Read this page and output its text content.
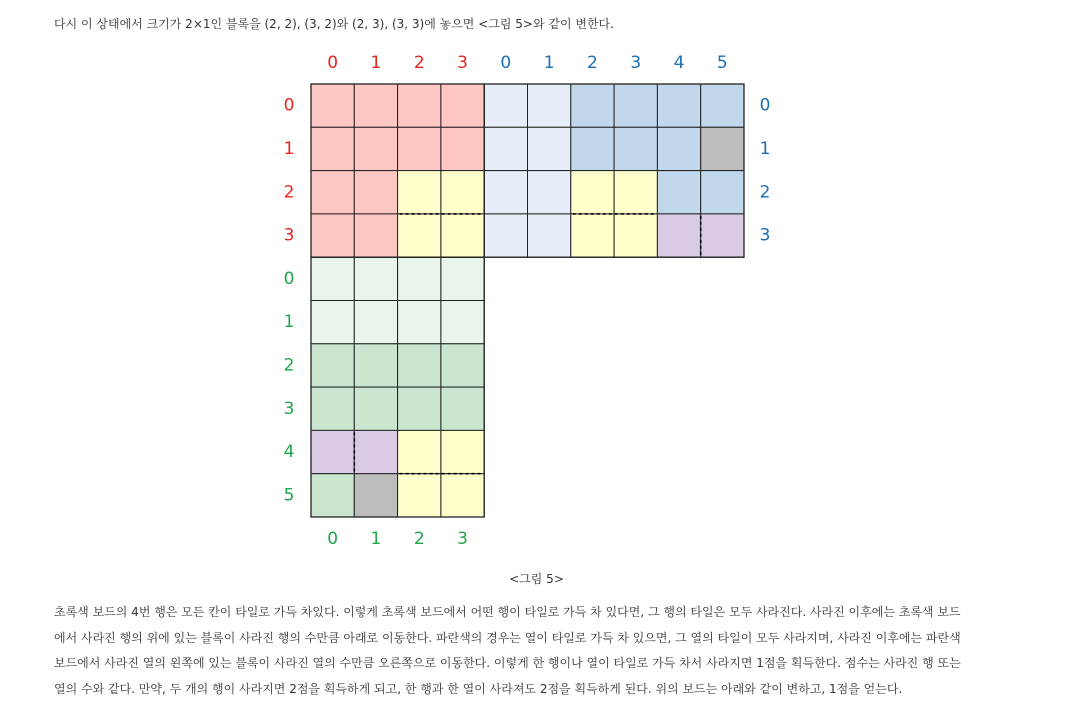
다시 이 상태에서 크기가 2×1인 블록을 (2, 2), (3, 2)와 (2, 3), (3, 3)에 놓으면 <그림 5>와 같이 변한다.
0 1 2 3 0 1 2 3 4 5
0
1
2
3
0
1
2
3
0
1
2
3
4
5
0 1 2 3
<그림 5>

초록색 보드의 4번 행은 모든 칸이 타일로 가득 차있다. 이렇게 초록색 보드에서 어떤 행이 타일로 가득 차 있다면, 그 행의 타일은 모두 사라진다. 사라진 이후에는 초록색 보드

에서 사라진 행의 위에 있는 블록이 사라진 행의 수만큼 아래로 이동한다. 파란색의 경우는 열이 타일로 가득 차 있으면, 그 열의 타일이 모두 사라지며, 사라진 이후에는 파란색

보드에서 사라진 열의 왼쪽에 있는 블록이 사라진 열의 수만큼 오른쪽으로 이동한다. 이렇게 한 행이나 열이 타일로 가득 차서 사라지면 1점을 획득한다. 점수는 사라진 행 또는

열의 수와 같다. 만약, 두 개의 행이 사라지면 2점을 획득하게 되고, 한 행과 한 열이 사라져도 2점을 획득하게 된다. 위의 보드는 아래와 같이 변하고, 1점을 얻는다.
